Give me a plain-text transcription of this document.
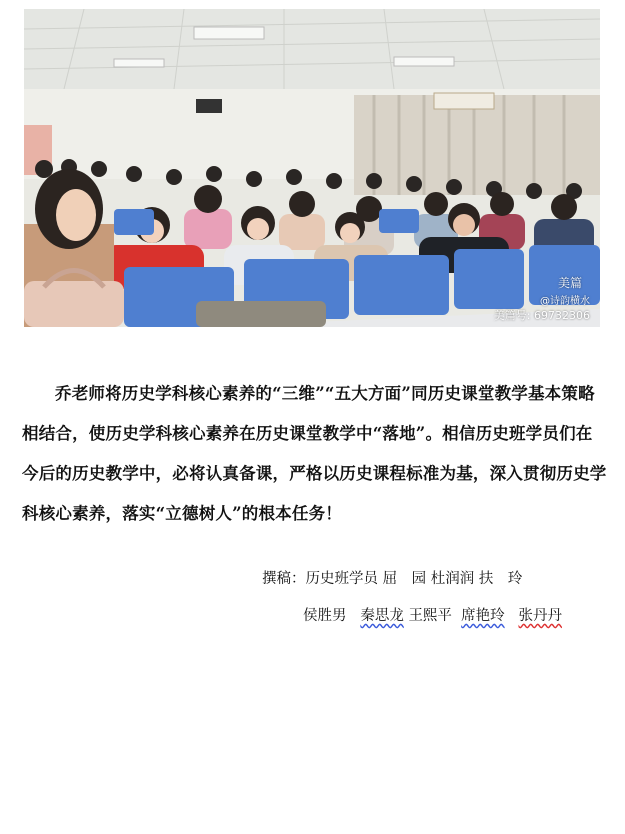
美篇
@诗韵横水
美篇号: 69732306
乔老师将历史学科核心素养的“三维”“五大方面”同历史课堂教学基本策略相结合，使历史学科核心素养在历史课堂教学中“落地”。相信历史班学员们在今后的历史教学中，必将认真备课，严格以历史课程标准为基，深入贯彻历史学科核心素养，落实“立德树人”的根本任务！
撰稿：历史班学员 屈　园 杜润润 扶　玲
侯胜男 秦思龙 王熙平 席艳玲 张丹丹
